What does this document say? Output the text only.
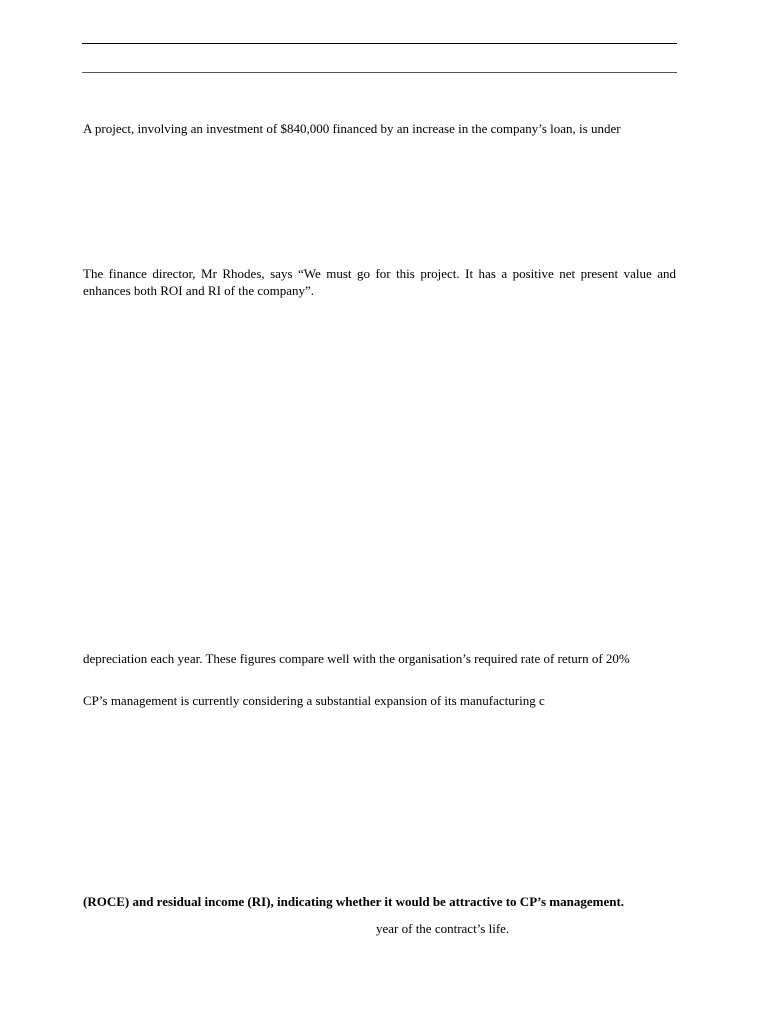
A project, involving an investment of $840,000 financed by an increase in the company’s loan, is under
The finance director, Mr Rhodes, says “We must go for this project. It has a positive net present value and enhances both ROI and RI of the company”.
depreciation each year. These figures compare well with the organisation’s required rate of return of 20%
CP’s management is currently considering a substantial expansion of its manufacturing c
(ROCE) and residual income (RI), indicating whether it would be attractive to CP’s management.
year of the contract’s life.
